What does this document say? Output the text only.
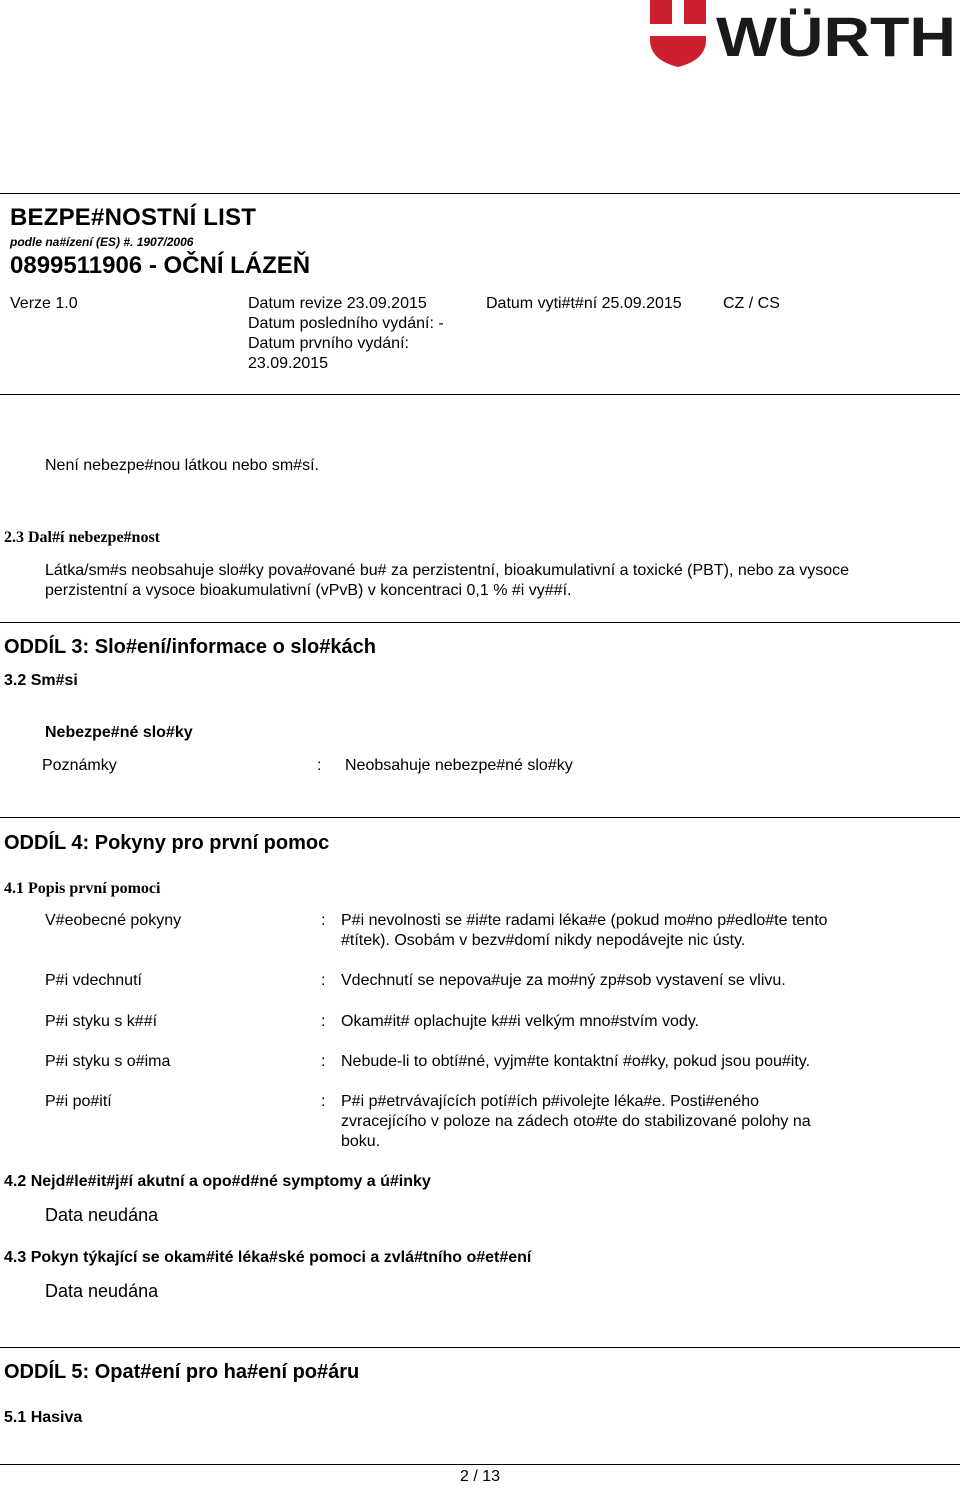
WÜRTH
BEZPE#NOSTNÍ LIST
podle na#ízení (ES) #. 1907/2006
0899511906 - OČNÍ LÁZEŇ
Verze 1.0	Datum revize 23.09.2015
Datum posledního vydání: -
Datum prvního vydání:
23.09.2015
Datum vyti#t#ní 25.09.2015	CZ / CS
Není nebezpe#nou látkou nebo sm#sí.
2.3 Dal#í nebezpe#nost
Látka/sm#s neobsahuje slo#ky pova#ované bu# za perzistentní, bioakumulativní a toxické (PBT), nebo za vysoce
perzistentní a vysoce bioakumulativní (vPvB) v koncentraci 0,1 % #i vy##í.
ODDÍL 3: Slo#ení/informace o slo#kách
3.2 Sm#si
Nebezpe#né slo#ky
Poznámky	: Neobsahuje nebezpe#né slo#ky
ODDÍL 4: Pokyny pro první pomoc
4.1 Popis první pomoci
V#eobecné pokyny	: P#i nevolnosti se #i#te radami léka#e (pokud mo#no p#edlo#te tento
#títek). Osobám v bezv#domí nikdy nepodávejte nic ústy.
P#i vdechnutí	: Vdechnutí se nepova#uje za mo#ný zp#sob vystavení se vlivu.
P#i styku s k##í	: Okam#it# oplachujte k##i velkým mno#stvím vody.
P#i styku s o#ima	: Nebude-li to obtí#né, vyjm#te kontaktní #o#ky, pokud jsou pou#ity.
P#i po#ití	: P#i p#etrvávajících potí#ích p#ivolejte léka#e. Posti#eného
zvracejícího v poloze na zádech oto#te do stabilizované polohy na
boku.
4.2 Nejd#le#it#j#í akutní a opo#d#né symptomy a ú#inky
Data neudána
4.3 Pokyn týkající se okam#ité léka#ské pomoci a zvlá#tního o#et#ení
Data neudána
ODDÍL 5: Opat#ení pro ha#ení po#áru
5.1 Hasiva
2 / 13
